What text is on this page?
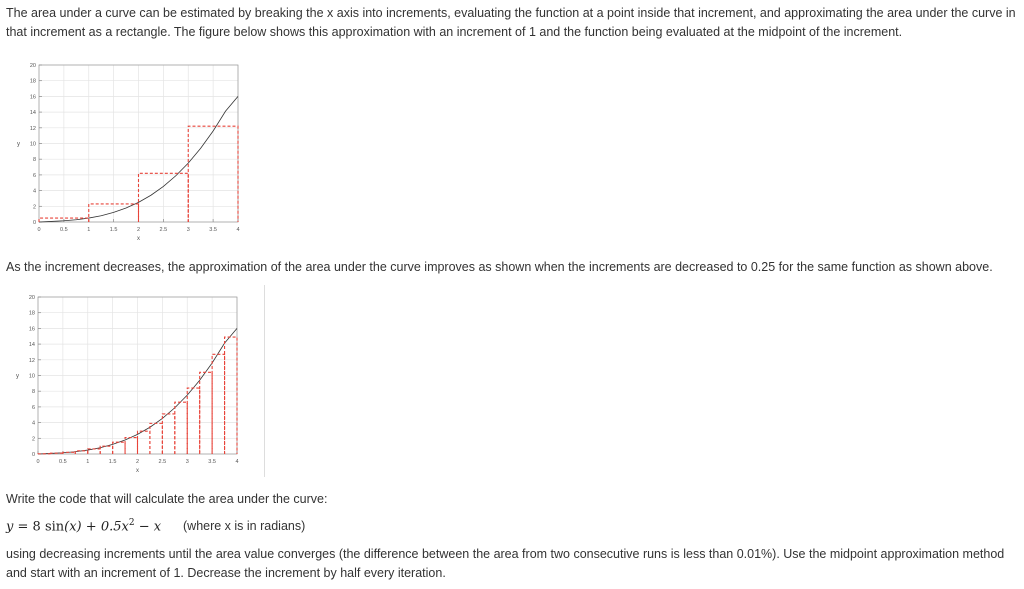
The area under a curve can be estimated by breaking the x axis into increments, evaluating the function at a point inside that increment, and approximating the area under the curve in that increment as a rectangle. The figure below shows this approximation with an increment of 1 and the function being evaluated at the midpoint of the increment.

0	0.5	1	1.5	2	2.5	3	3.5	4
0
2
4
6
8
10
12
14
16
18
20
x
y

As the increment decreases, the approximation of the area under the curve improves as shown when the increments are decreased to 0.25 for the same function as shown above.

0	0.5	1	1.5	2	2.5	3	3.5	4
0
2
4
6
8
10
12
14
16
18
20
x
y

Write the code that will calculate the area under the curve:

y = 8 $\sin(x) + 0.5x^2 - x$ (where x is in radians)

using decreasing increments until the area value converges (the difference between the area from two consecutive runs is less than 0.01%). Use the midpoint approximation method and start with an increment of 1. Decrease the increment by half every iteration.
